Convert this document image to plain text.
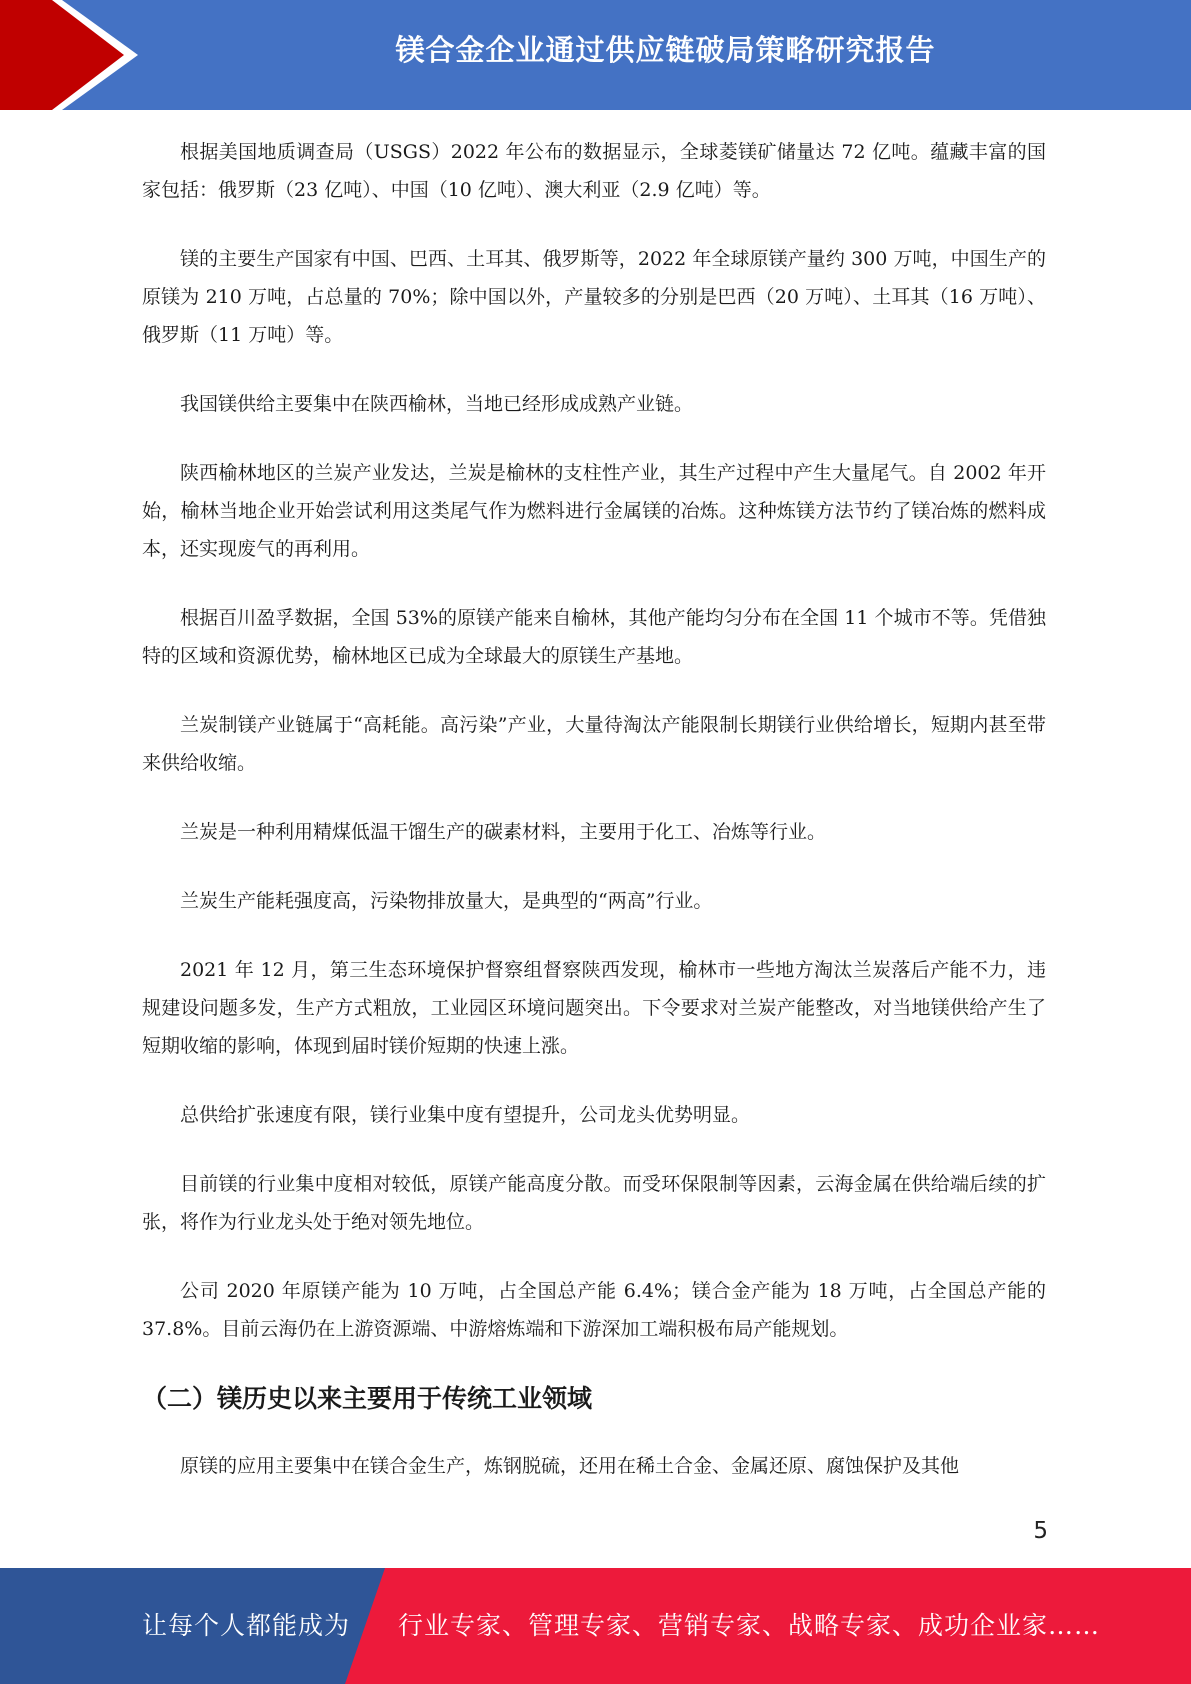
镁合金企业通过供应链破局策略研究报告

根据美国地质调查局（USGS）2022 年公布的数据显示，全球菱镁矿储量达 72 亿吨。蕴藏丰富的国家包括：俄罗斯（23 亿吨）、中国（10 亿吨）、澳大利亚（2.9 亿吨）等。

镁的主要生产国家有中国、巴西、土耳其、俄罗斯等，2022 年全球原镁产量约 300 万吨，中国生产的原镁为 210 万吨，占总量的 70%；除中国以外，产量较多的分别是巴西（20 万吨）、土耳其（16 万吨）、俄罗斯（11 万吨）等。

我国镁供给主要集中在陕西榆林，当地已经形成成熟产业链。

陕西榆林地区的兰炭产业发达，兰炭是榆林的支柱性产业，其生产过程中产生大量尾气。自 2002 年开始，榆林当地企业开始尝试利用这类尾气作为燃料进行金属镁的冶炼。这种炼镁方法节约了镁冶炼的燃料成本，还实现废气的再利用。

根据百川盈孚数据，全国 53%的原镁产能来自榆林，其他产能均匀分布在全国 11 个城市不等。凭借独特的区域和资源优势，榆林地区已成为全球最大的原镁生产基地。

兰炭制镁产业链属于“高耗能。高污染”产业，大量待淘汰产能限制长期镁行业供给增长，短期内甚至带来供给收缩。

兰炭是一种利用精煤低温干馏生产的碳素材料，主要用于化工、冶炼等行业。

兰炭生产能耗强度高，污染物排放量大，是典型的“两高”行业。

2021 年 12 月，第三生态环境保护督察组督察陕西发现，榆林市一些地方淘汰兰炭落后产能不力，违规建设问题多发，生产方式粗放，工业园区环境问题突出。下令要求对兰炭产能整改，对当地镁供给产生了短期收缩的影响，体现到届时镁价短期的快速上涨。

总供给扩张速度有限，镁行业集中度有望提升，公司龙头优势明显。

目前镁的行业集中度相对较低，原镁产能高度分散。而受环保限制等因素，云海金属在供给端后续的扩张，将作为行业龙头处于绝对领先地位。

公司 2020 年原镁产能为 10 万吨，占全国总产能 6.4%；镁合金产能为 18 万吨，占全国总产能的 37.8%。目前云海仍在上游资源端、中游熔炼端和下游深加工端积极布局产能规划。

（二）镁历史以来主要用于传统工业领域

原镁的应用主要集中在镁合金生产，炼钢脱硫，还用在稀土合金、金属还原、腐蚀保护及其他

5
让每个人都能成为 行业专家、管理专家、营销专家、战略专家、成功企业家……
